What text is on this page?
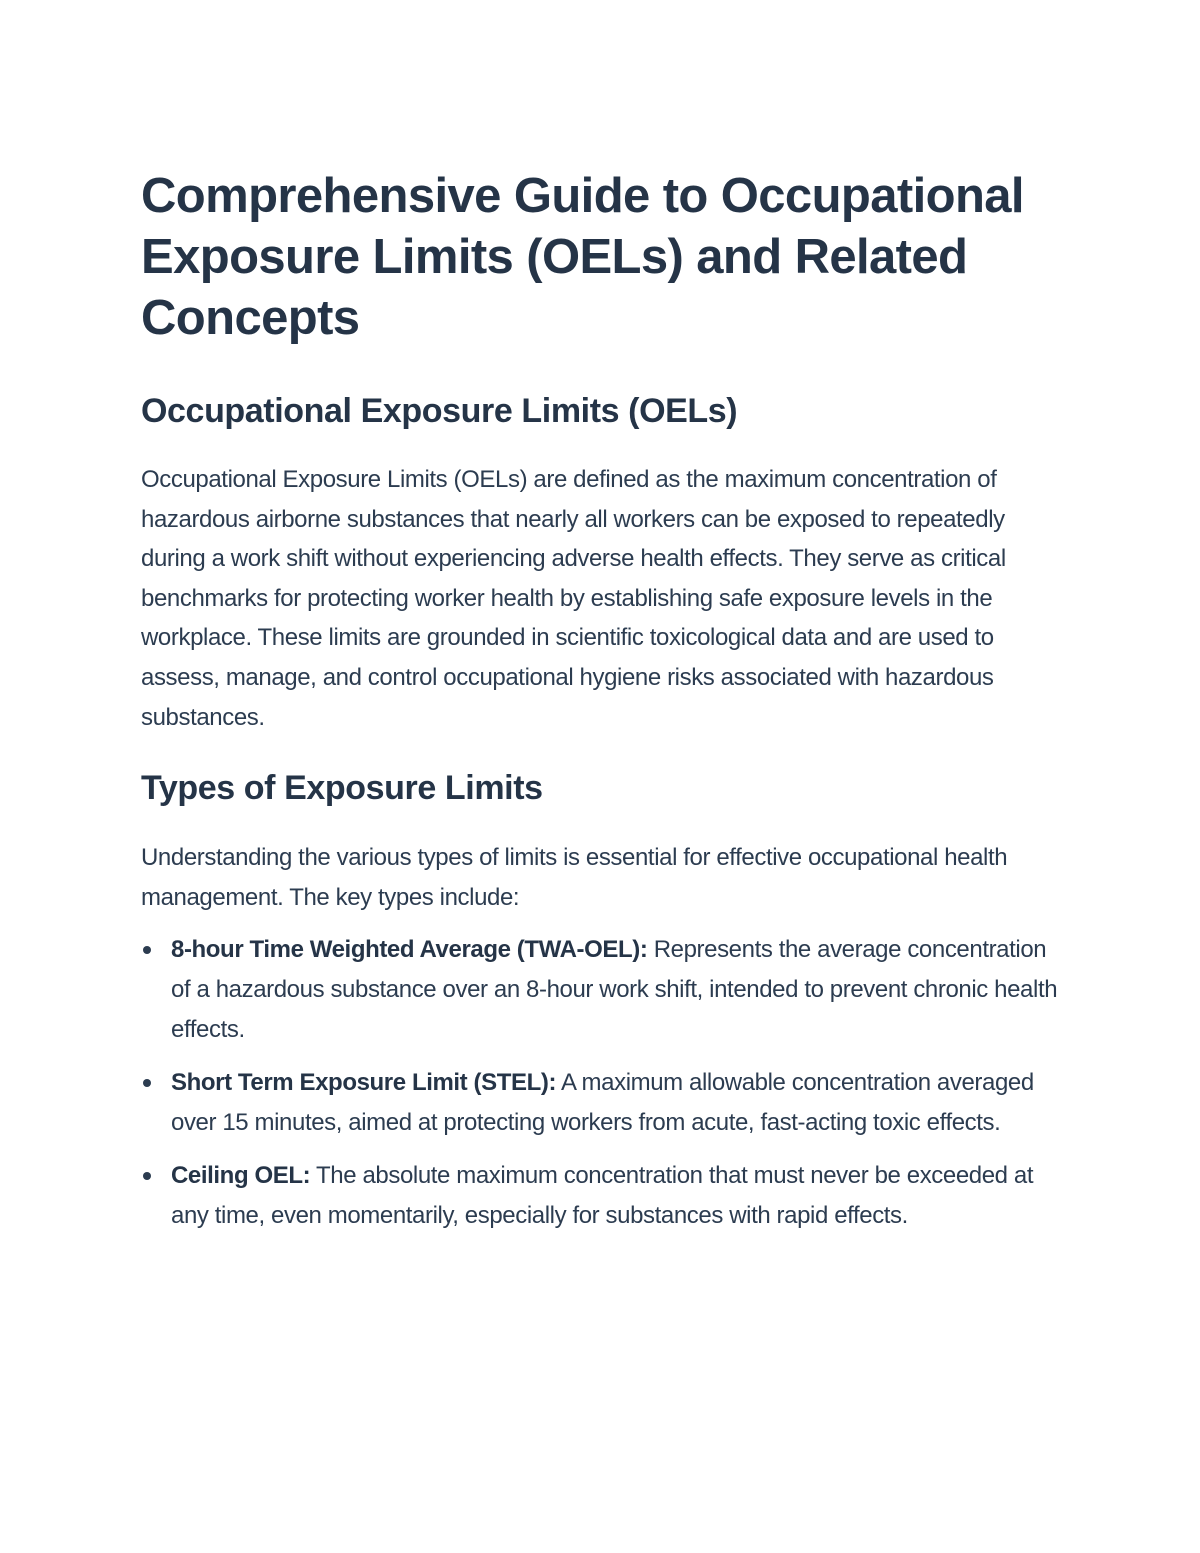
Comprehensive Guide to Occupational Exposure Limits (OELs) and Related Concepts
Occupational Exposure Limits (OELs)

Occupational Exposure Limits (OELs) are defined as the maximum concentration of hazardous airborne substances that nearly all workers can be exposed to repeatedly during a work shift without experiencing adverse health effects. They serve as critical benchmarks for protecting worker health by establishing safe exposure levels in the workplace. These limits are grounded in scientific toxicological data and are used to assess, manage, and control occupational hygiene risks associated with hazardous substances.

Types of Exposure Limits

Understanding the various types of limits is essential for effective occupational health management. The key types include:

8-hour Time Weighted Average (TWA-OEL): Represents the average concentration of a hazardous substance over an 8-hour work shift, intended to prevent chronic health effects.
Short Term Exposure Limit (STEL): A maximum allowable concentration averaged over 15 minutes, aimed at protecting workers from acute, fast-acting toxic effects.
Ceiling OEL: The absolute maximum concentration that must never be exceeded at any time, even momentarily, especially for substances with rapid effects.
